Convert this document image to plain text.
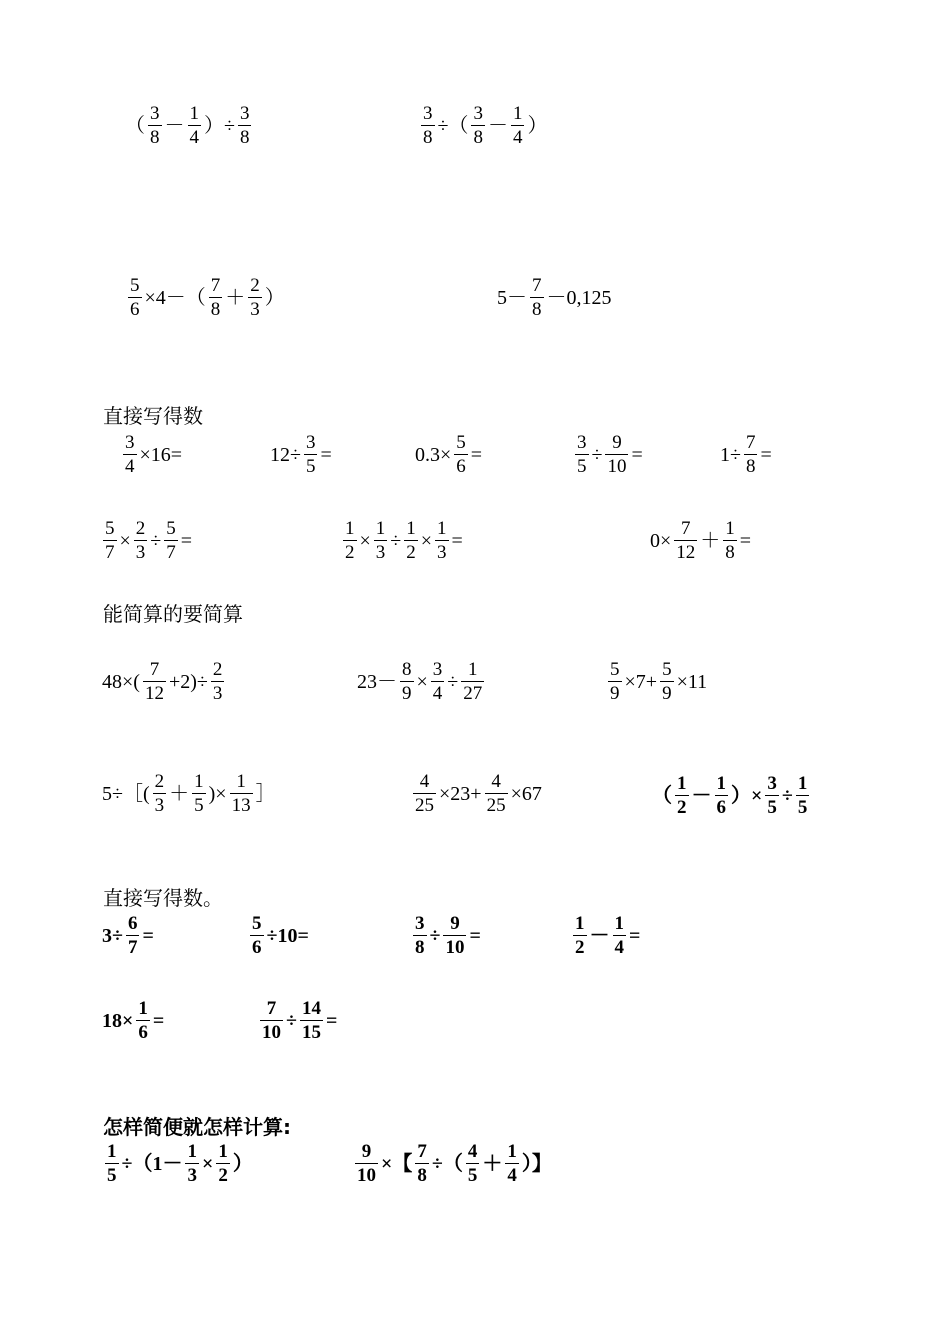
直接写得数
能简算的要简算
直接写得数。
怎样简便就怎样计算:
（ $\frac{3}{8} - \frac{1}{4}$ ）÷ $\frac{3}{8}$	$\frac{3}{8}$ ÷（ $\frac{3}{8} - \frac{1}{4}$ ）
$\frac{5}{6} \times 4-( \frac{7}{8} + \frac{2}{3}$ ）	$5- \frac{7}{8} -0,125$
$\frac{3}{4} \times 16=$	$12\div \frac{3}{5}$ =	$0.3\times \frac{5}{6}$ =	$\frac{3}{5} \div \frac{9}{10}$ =	$1\div \frac{7}{8}$ =
$\frac{5}{7} \times \frac{2}{3} \div \frac{5}{7}$ =	$\frac{1}{2} \times \frac{1}{3} \div \frac{1}{2} \times \frac{1}{3}$ =	$0\times \frac{7}{12} + \frac{1}{8}$ =
$48\times( \frac{7}{12} +2)\div \frac{2}{3}$	$23- \frac{8}{9} \times \frac{3}{4} \div \frac{1}{27}$	$\frac{5}{9} \times 7+ \frac{5}{9} \times 11$
5÷［( $\frac{2}{3} + \frac{1}{5}$ )× $\frac{1}{13}$ ］	$\frac{4}{25} \times 23+ \frac{4}{25} \times 67$	（ $\frac{1}{2} - \frac{1}{6}$ ）× $\frac{3}{5} \div \frac{1}{5}$
$3\div \frac{6}{7}$ =	$\frac{5}{6} \div 10=$	$\frac{3}{8} \div \frac{9}{10}$ =	$\frac{1}{2} - \frac{1}{4}$ =
$18\times \frac{1}{6}$ =	$\frac{7}{10} \div \frac{14}{15}$ =
$\frac{1}{5} \div(1- \frac{1}{3} \times \frac{1}{2}$ ）	$\frac{9}{10}$ ×【 $\frac{7}{8}$ ÷（ $\frac{4}{5} + \frac{1}{4}$ ）】
